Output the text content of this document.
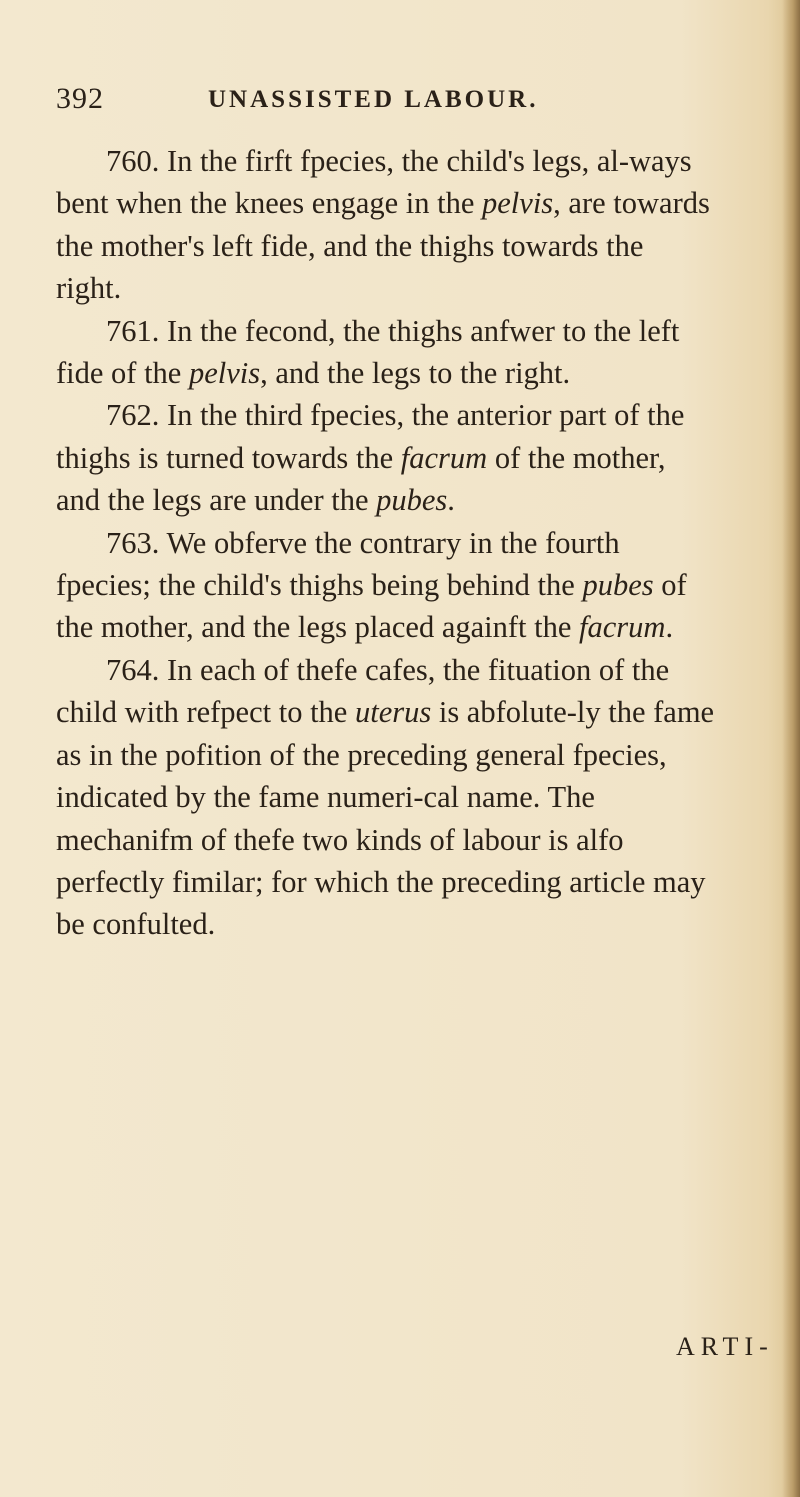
392	UNASSISTED LABOUR.

760. In the firft fpecies, the child's legs, al-ways bent when the knees engage in the pelvis, are towards the mother's left fide, and the thighs towards the right.

761. In the fecond, the thighs anfwer to the left fide of the pelvis, and the legs to the right.

762. In the third fpecies, the anterior part of the thighs is turned towards the facrum of the mother, and the legs are under the pubes.

763. We obferve the contrary in the fourth fpecies; the child's thighs being behind the pubes of the mother, and the legs placed againft the facrum.

764. In each of thefe cafes, the fituation of the child with refpect to the uterus is abfolute-ly the fame as in the pofition of the preceding general fpecies, indicated by the fame numeri-cal name. The mechanifm of thefe two kinds of labour is alfo perfectly fimilar; for which the preceding article may be confulted.

ARTI-
